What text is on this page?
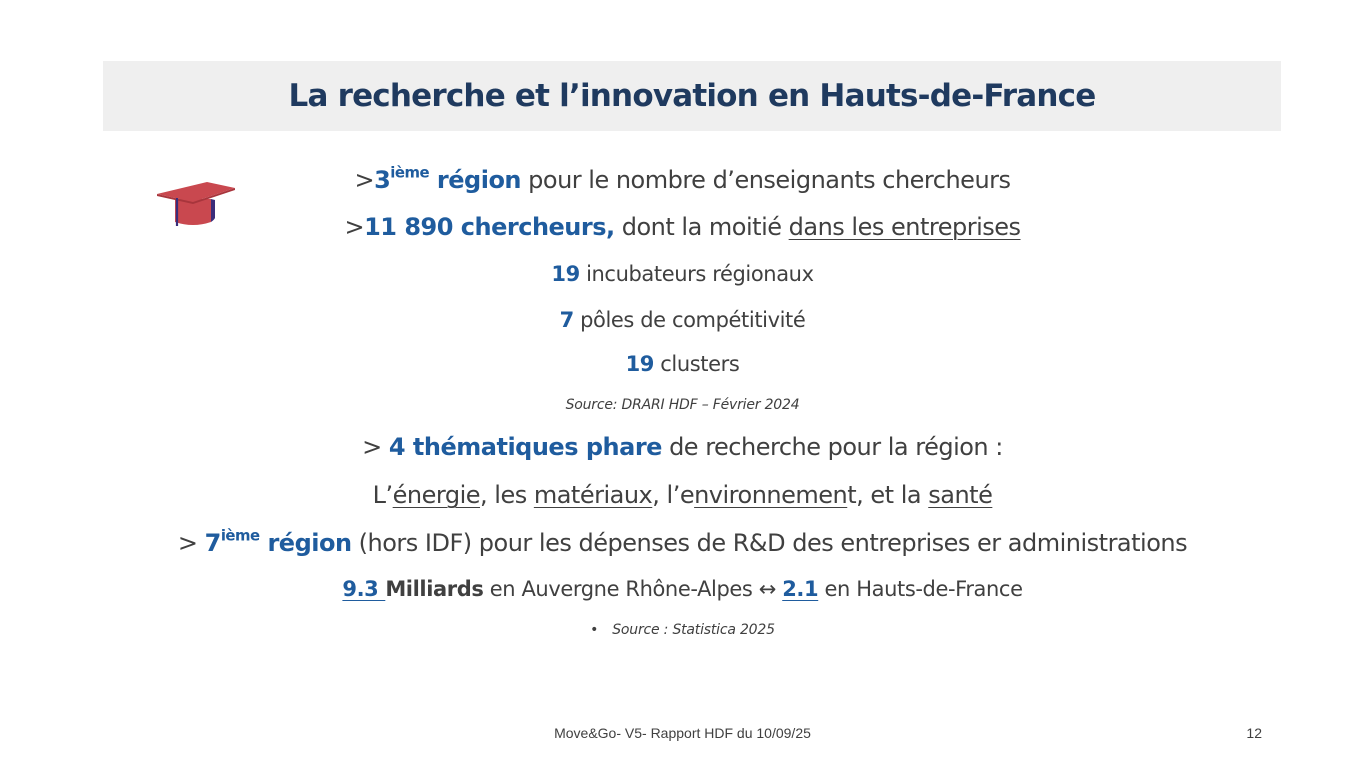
La recherche et l’innovation en Hauts-de-France
>3ième région pour le nombre d’enseignants chercheurs
>11 890 chercheurs, dont la moitié dans les entreprises
19 incubateurs régionaux
7 pôles de compétitivité
19 clusters
Source: DRARI HDF – Février 2024
> 4 thématiques phare de recherche pour la région :
L’énergie, les matériaux, l’environnement, et la santé
> 7ième région (hors IDF) pour les dépenses de R&D des entreprises er administrations
9.3 Milliards en Auvergne Rhône-Alpes ↔ 2.1 en Hauts-de-France
• Source : Statistica 2025
Move&Go- V5- Rapport HDF du 10/09/25	12
